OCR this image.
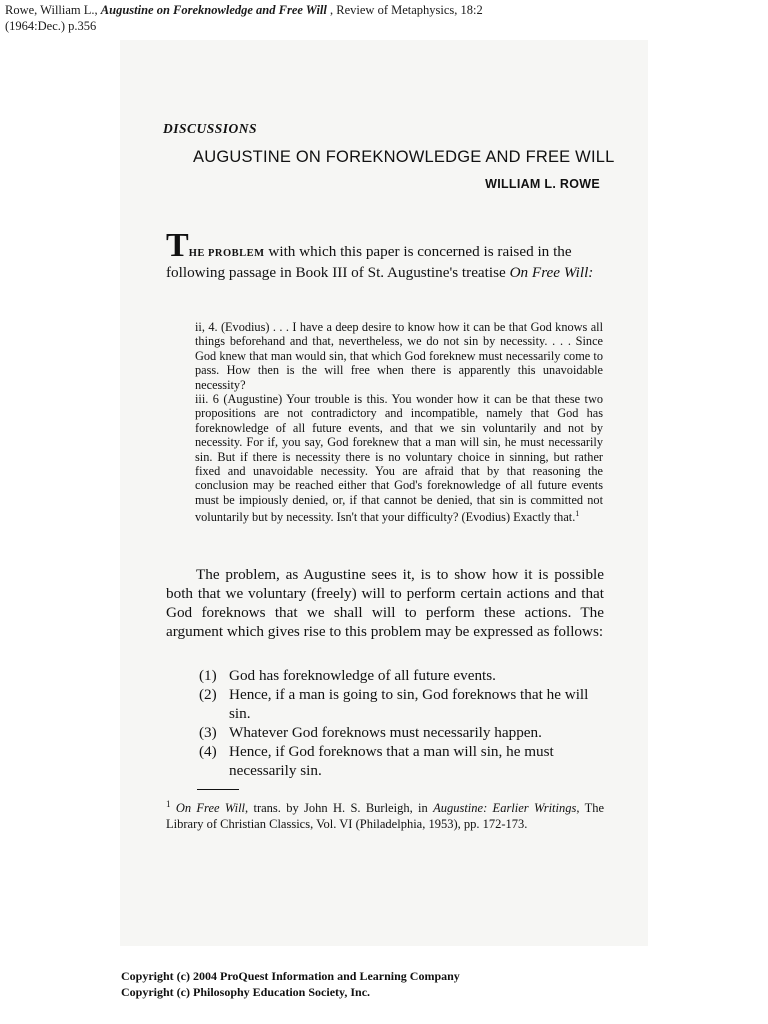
Rowe, William L., Augustine on Foreknowledge and Free Will , Review of Metaphysics, 18:2
(1964:Dec.) p.356
DISCUSSIONS
AUGUSTINE ON FOREKNOWLEDGE AND FREE WILL
WILLIAM L. ROWE
THE PROBLEM with which this paper is concerned is raised in the following passage in Book III of St. Augustine's treatise On Free Will:

ii, 4. (Evodius) . . . I have a deep desire to know how it can be that God knows all things beforehand and that, nevertheless, we do not sin by necessity. . . . Since God knew that man would sin, that which God foreknew must necessarily come to pass. How then is the will free when there is apparently this unavoidable necessity?

iii. 6 (Augustine) Your trouble is this. You wonder how it can be that these two propositions are not contradictory and incompatible, namely that God has foreknowledge of all future events, and that we sin voluntarily and not by necessity. For if, you say, God foreknew that a man will sin, he must necessarily sin. But if there is necessity there is no voluntary choice in sinning, but rather fixed and unavoidable necessity. You are afraid that by that reasoning the conclusion may be reached either that God's foreknowledge of all future events must be impiously denied, or, if that cannot be denied, that sin is committed not voluntarily but by necessity. Isn't that your difficulty? (Evodius) Exactly that.$^1$

The problem, as Augustine sees it, is to show how it is possible both that we voluntary (freely) will to perform certain actions and that God foreknows that we shall will to perform these actions. The argument which gives rise to this problem may be expressed as follows:

(1) God has foreknowledge of all future events.
(2) Hence, if a man is going to sin, God foreknows that he will sin.
(3) Whatever God foreknows must necessarily happen.
(4) Hence, if God foreknows that a man will sin, he must necessarily sin.
$^1$ On Free Will, trans. by John H. S. Burleigh, in Augustine: Earlier Writings, The Library of Christian Classics, Vol. VI (Philadelphia, 1953), pp. 172-173.
Copyright (c) 2004 ProQuest Information and Learning Company
Copyright (c) Philosophy Education Society, Inc.
